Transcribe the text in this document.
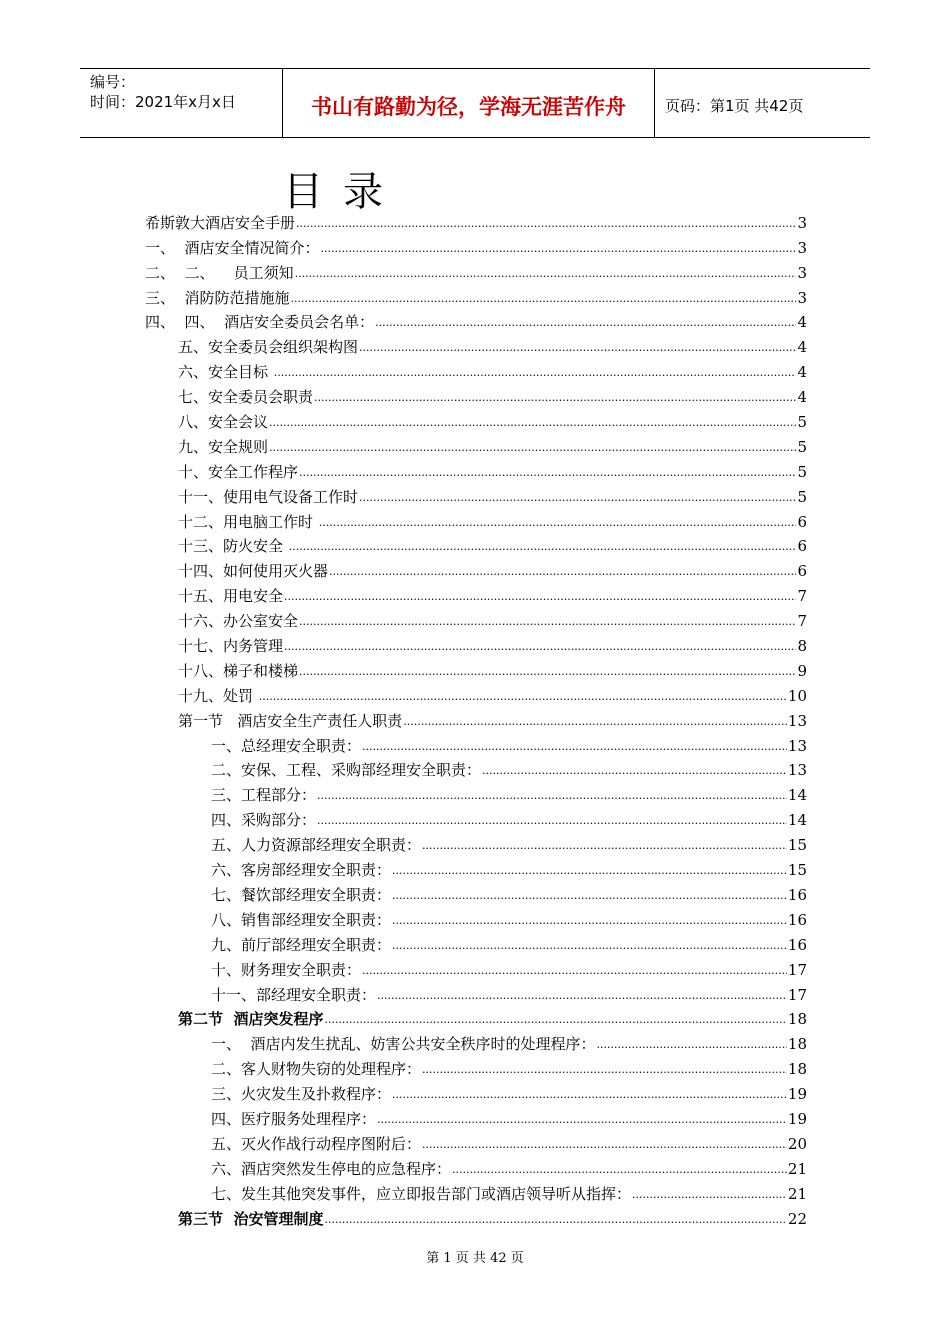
编号：
时间：2021年x月x日	书山有路勤为径，学海无涯苦作舟	页码：第1页 共42页
目录
希斯敦大酒店安全手册 .....	3
一、  酒店安全情况简介： .....	3
二、  二、    员工须知 .....	3
三、  消防防范措施施 .....	3
四、  四、  酒店安全委员会名单： .....	4
五、安全委员会组织架构图 .....	4
六、安全目标 .....	4
七、安全委员会职责 .....	4
八、安全会议 .....	5
九、安全规则 .....	5
十、安全工作程序 .....	5
十一、使用电气设备工作时 .....	5
十二、用电脑工作时 .....	6
十三、防火安全 .....	6
十四、如何使用灭火器 .....	6
十五、用电安全 .....	7
十六、办公室安全 .....	7
十七、内务管理 .....	8
十八、梯子和楼梯 .....	9
十九、处罚 .....	10
第一节   酒店安全生产责任人职责 .....	13
一、总经理安全职责： .....	13
二、安保、工程、采购部经理安全职责： .....	13
三、工程部分： .....	14
四、采购部分： .....	14
五、人力资源部经理安全职责： .....	15
六、客房部经理安全职责： .....	15
七、餐饮部经理安全职责： .....	16
八、销售部经理安全职责： .....	16
九、前厅部经理安全职责： .....	16
十、财务理安全职责： .....	17
十一、部经理安全职责： .....	17
第二节  酒店突发程序 .....	18
一、  酒店内发生扰乱、妨害公共安全秩序时的处理程序： .....	18
二、客人财物失窃的处理程序： .....	18
三、火灾发生及扑救程序： .....	19
四、医疗服务处理程序： .....	19
五、灭火作战行动程序图附后： .....	20
六、酒店突然发生停电的应急程序： .....	21
七、发生其他突发事件，应立即报告部门或酒店领导听从指挥： .....	21
第三节  治安管理制度 .....	22
第 1 页 共 42 页
